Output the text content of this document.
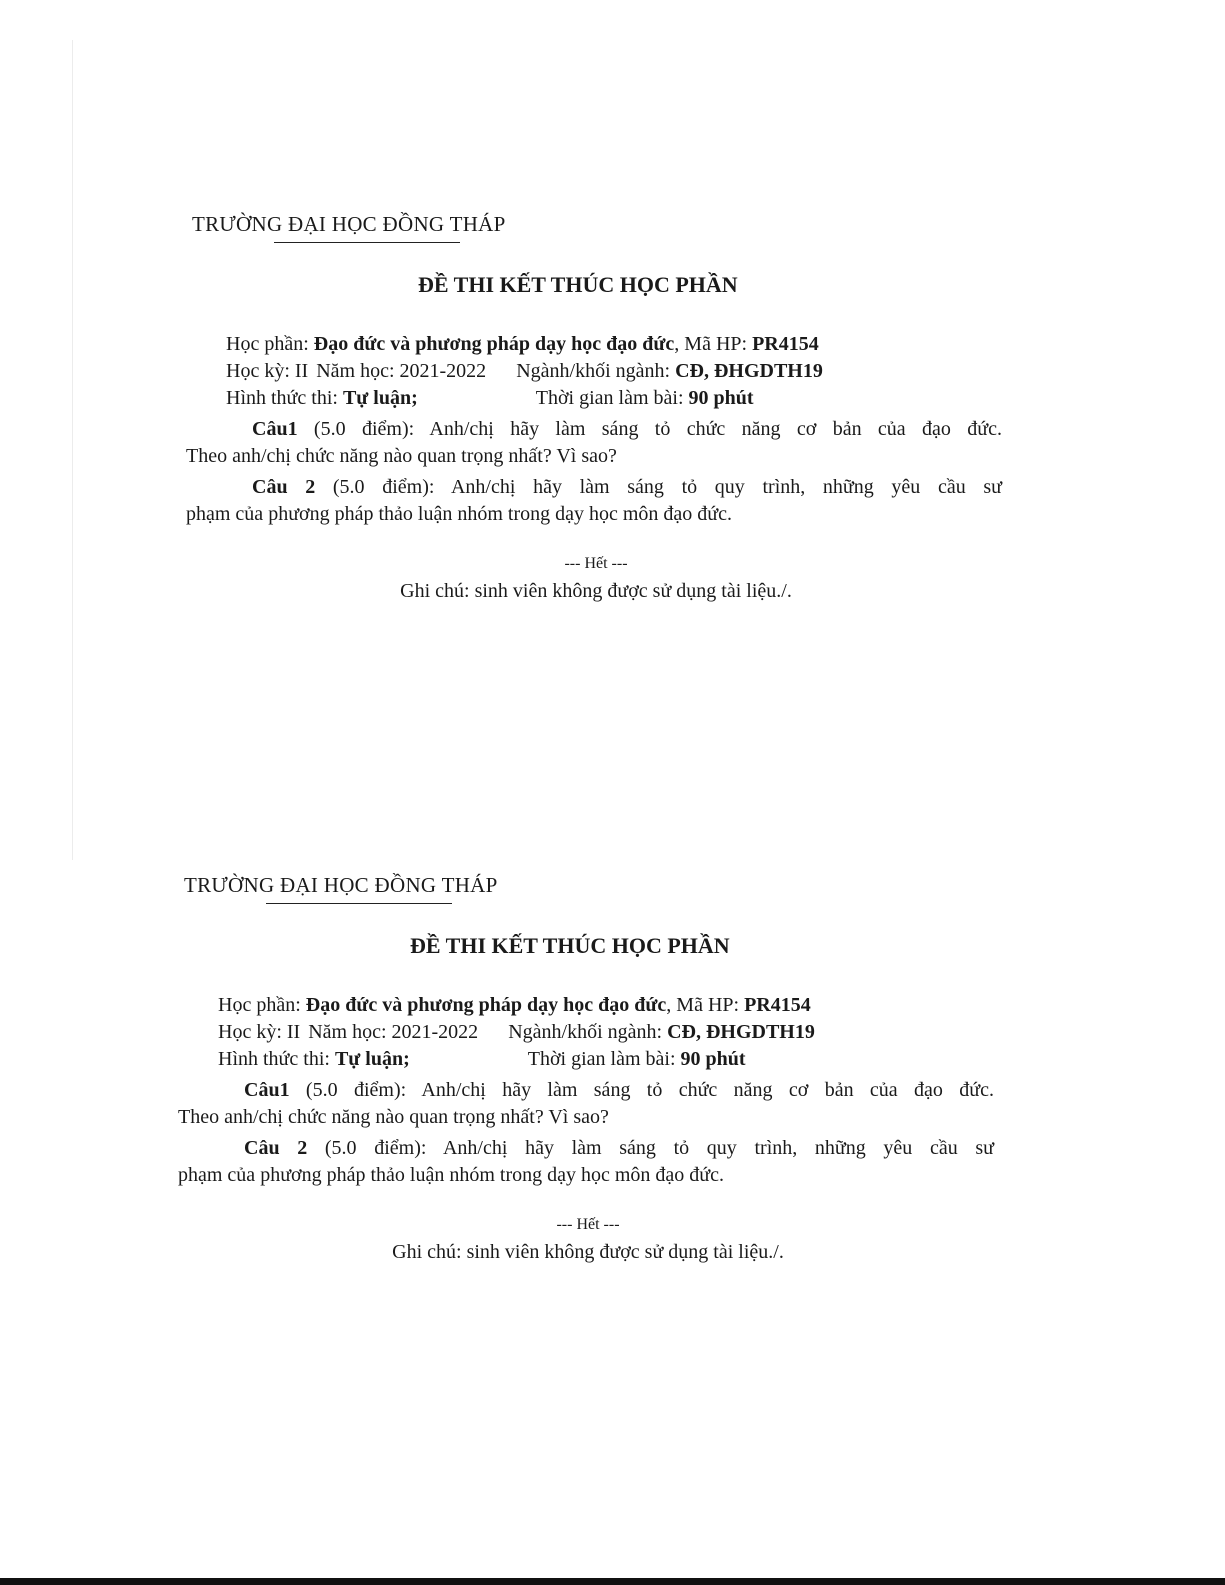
TRƯỜNG ĐẠI HỌC ĐỒNG THÁP
ĐỀ THI KẾT THÚC HỌC PHẦN
Học phần: Đạo đức và phương pháp dạy học đạo đức, Mã HP: PR4154
Học kỳ: II Năm học: 2021-2022 Ngành/khối ngành: CĐ, ĐHGDTH19
Hình thức thi: Tự luận;	Thời gian làm bài: 90 phút
Câu1 (5.0 điểm): Anh/chị hãy làm sáng tỏ chức năng cơ bản của đạo đức.
Theo anh/chị chức năng nào quan trọng nhất? Vì sao?
Câu 2 (5.0 điểm): Anh/chị hãy làm sáng tỏ quy trình, những yêu cầu sư
phạm của phương pháp thảo luận nhóm trong dạy học môn đạo đức.
--- Hết ---
Ghi chú: sinh viên không được sử dụng tài liệu./.
TRƯỜNG ĐẠI HỌC ĐỒNG THÁP
ĐỀ THI KẾT THÚC HỌC PHẦN
Học phần: Đạo đức và phương pháp dạy học đạo đức, Mã HP: PR4154
Học kỳ: II Năm học: 2021-2022 Ngành/khối ngành: CĐ, ĐHGDTH19
Hình thức thi: Tự luận;	Thời gian làm bài: 90 phút
Câu1 (5.0 điểm): Anh/chị hãy làm sáng tỏ chức năng cơ bản của đạo đức.
Theo anh/chị chức năng nào quan trọng nhất? Vì sao?
Câu 2 (5.0 điểm): Anh/chị hãy làm sáng tỏ quy trình, những yêu cầu sư
phạm của phương pháp thảo luận nhóm trong dạy học môn đạo đức.
--- Hết ---
Ghi chú: sinh viên không được sử dụng tài liệu./.
